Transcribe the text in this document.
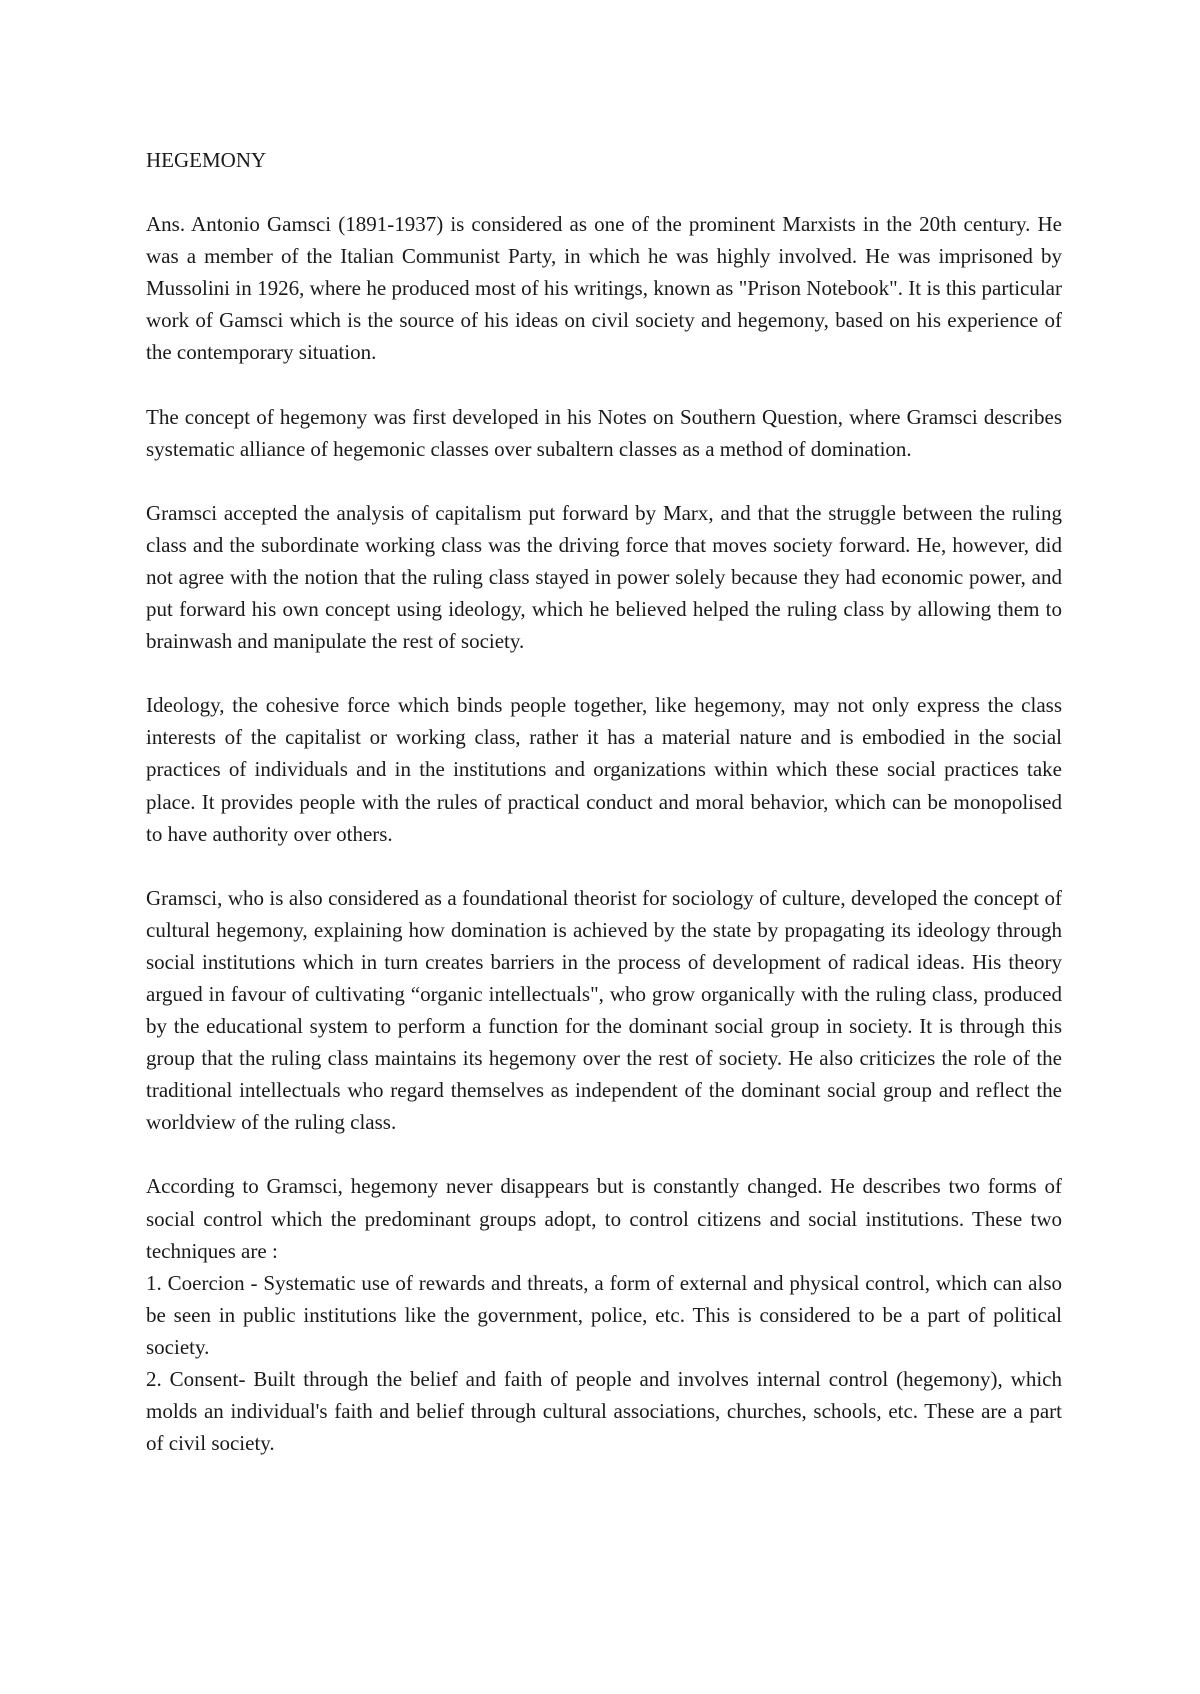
HEGEMONY

Ans. Antonio Gamsci (1891-1937) is considered as one of the prominent Marxists in the 20th century. He was a member of the Italian Communist Party, in which he was highly involved. He was imprisoned by Mussolini in 1926, where he produced most of his writings, known as "Prison Notebook". It is this particular work of Gamsci which is the source of his ideas on civil society and hegemony, based on his experience of the contemporary situation.

The concept of hegemony was first developed in his Notes on Southern Question, where Gramsci describes systematic alliance of hegemonic classes over subaltern classes as a method of domination.

Gramsci accepted the analysis of capitalism put forward by Marx, and that the struggle between the ruling class and the subordinate working class was the driving force that moves society forward. He, however, did not agree with the notion that the ruling class stayed in power solely because they had economic power, and put forward his own concept using ideology, which he believed helped the ruling class by allowing them to brainwash and manipulate the rest of society.

Ideology, the cohesive force which binds people together, like hegemony, may not only express the class interests of the capitalist or working class, rather it has a material nature and is embodied in the social practices of individuals and in the institutions and organizations within which these social practices take place. It provides people with the rules of practical conduct and moral behavior, which can be monopolised to have authority over others.

Gramsci, who is also considered as a foundational theorist for sociology of culture, developed the concept of cultural hegemony, explaining how domination is achieved by the state by propagating its ideology through social institutions which in turn creates barriers in the process of development of radical ideas. His theory argued in favour of cultivating “organic intellectuals", who grow organically with the ruling class, produced by the educational system to perform a function for the dominant social group in society. It is through this group that the ruling class maintains its hegemony over the rest of society. He also criticizes the role of the traditional intellectuals who regard themselves as independent of the dominant social group and reflect the worldview of the ruling class.

According to Gramsci, hegemony never disappears but is constantly changed. He describes two forms of social control which the predominant groups adopt, to control citizens and social institutions. These two techniques are :

1. Coercion - Systematic use of rewards and threats, a form of external and physical control, which can also be seen in public institutions like the government, police, etc. This is considered to be a part of political society.
2. Consent- Built through the belief and faith of people and involves internal control (hegemony), which molds an individual's faith and belief through cultural associations, churches, schools, etc. These are a part of civil society.
